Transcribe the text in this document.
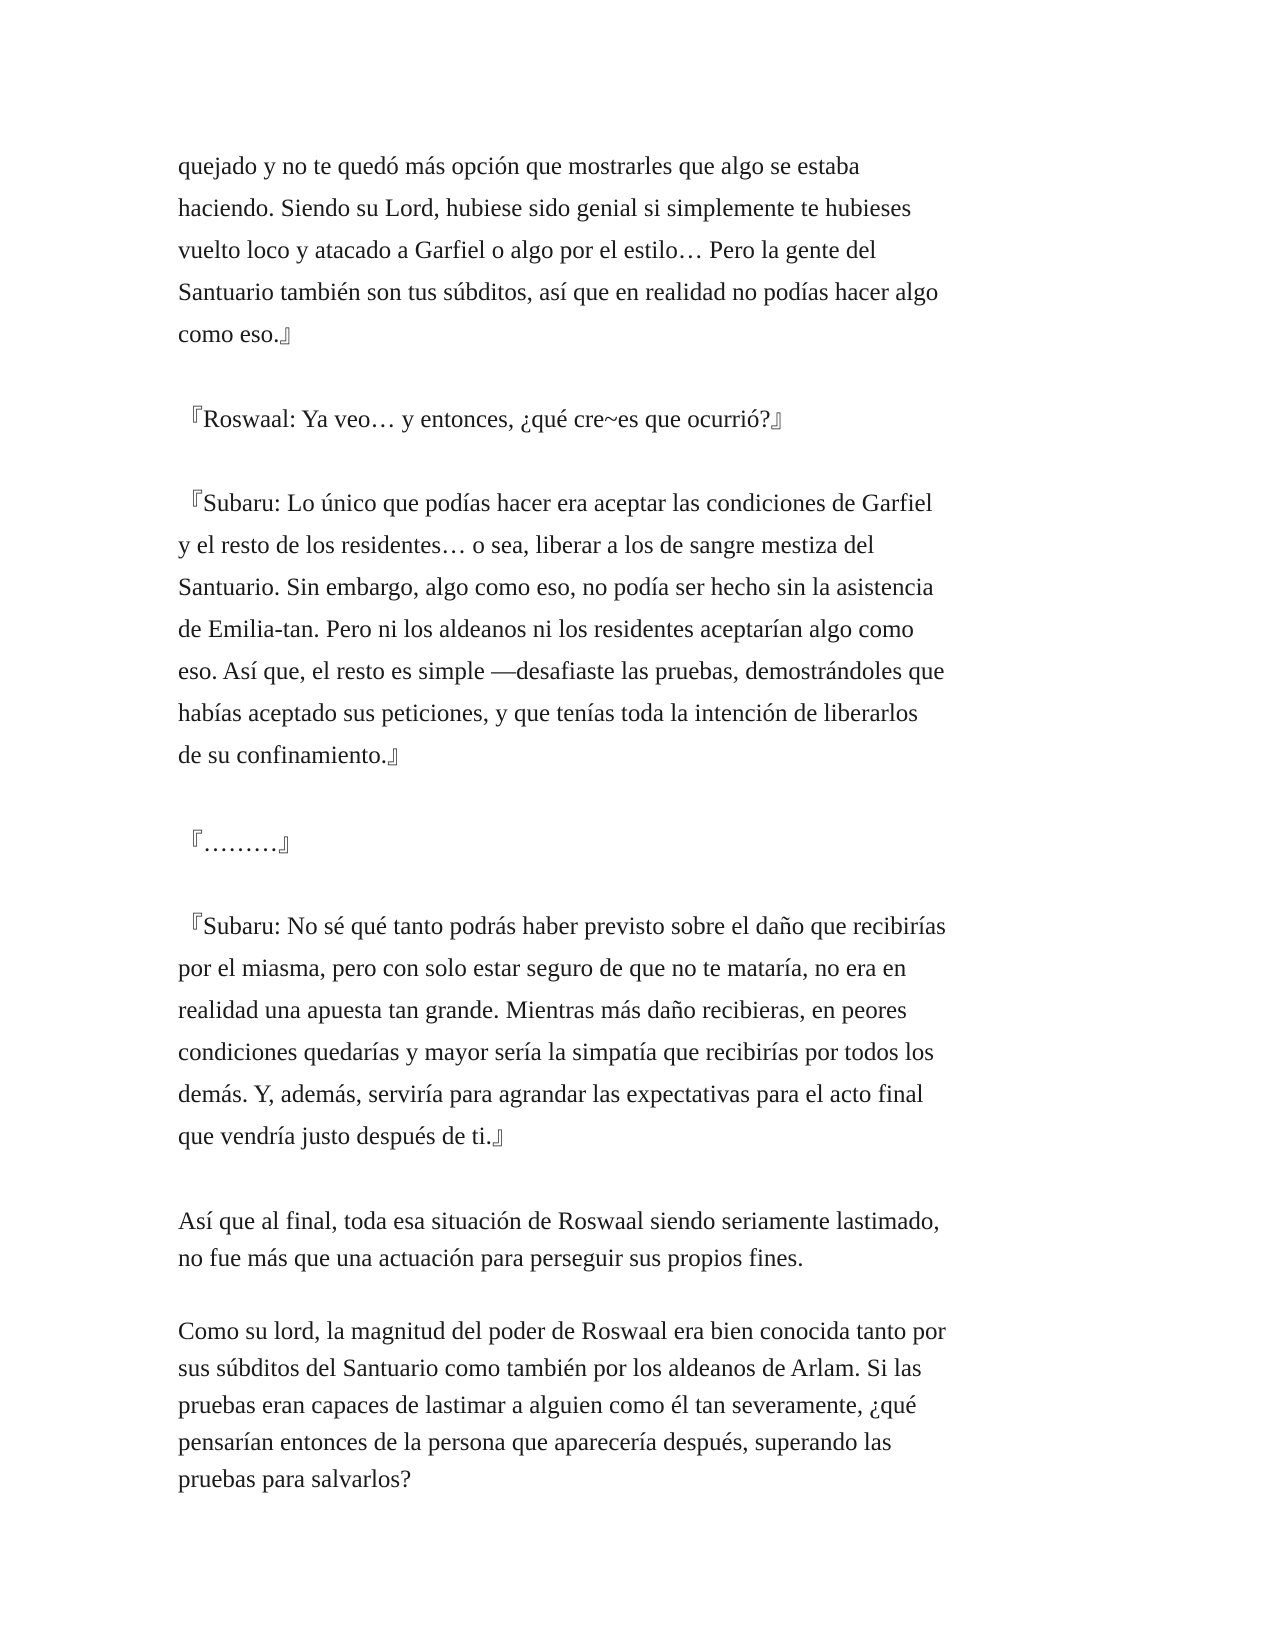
quejado y no te quedó más opción que mostrarles que algo se estaba
haciendo. Siendo su Lord, hubiese sido genial si simplemente te hubieses
vuelto loco y atacado a Garfiel o algo por el estilo… Pero la gente del
Santuario también son tus súbditos, así que en realidad no podías hacer algo
como eso.』

『Roswaal: Ya veo… y entonces, ¿qué cre~es que ocurrió?』

『Subaru: Lo único que podías hacer era aceptar las condiciones de Garfiel
y el resto de los residentes… o sea, liberar a los de sangre mestiza del
Santuario. Sin embargo, algo como eso, no podía ser hecho sin la asistencia
de Emilia-tan. Pero ni los aldeanos ni los residentes aceptarían algo como
eso. Así que, el resto es simple —desafiaste las pruebas, demostrándoles que
habías aceptado sus peticiones, y que tenías toda la intención de liberarlos
de su confinamiento.』

『………』

『Subaru: No sé qué tanto podrás haber previsto sobre el daño que recibirías
por el miasma, pero con solo estar seguro de que no te mataría, no era en
realidad una apuesta tan grande. Mientras más daño recibieras, en peores
condiciones quedarías y mayor sería la simpatía que recibirías por todos los
demás. Y, además, serviría para agrandar las expectativas para el acto final
que vendría justo después de ti.』

Así que al final, toda esa situación de Roswaal siendo seriamente lastimado,
no fue más que una actuación para perseguir sus propios fines.

Como su lord, la magnitud del poder de Roswaal era bien conocida tanto por
sus súbditos del Santuario como también por los aldeanos de Arlam. Si las
pruebas eran capaces de lastimar a alguien como él tan severamente, ¿qué
pensarían entonces de la persona que aparecería después, superando las
pruebas para salvarlos?
